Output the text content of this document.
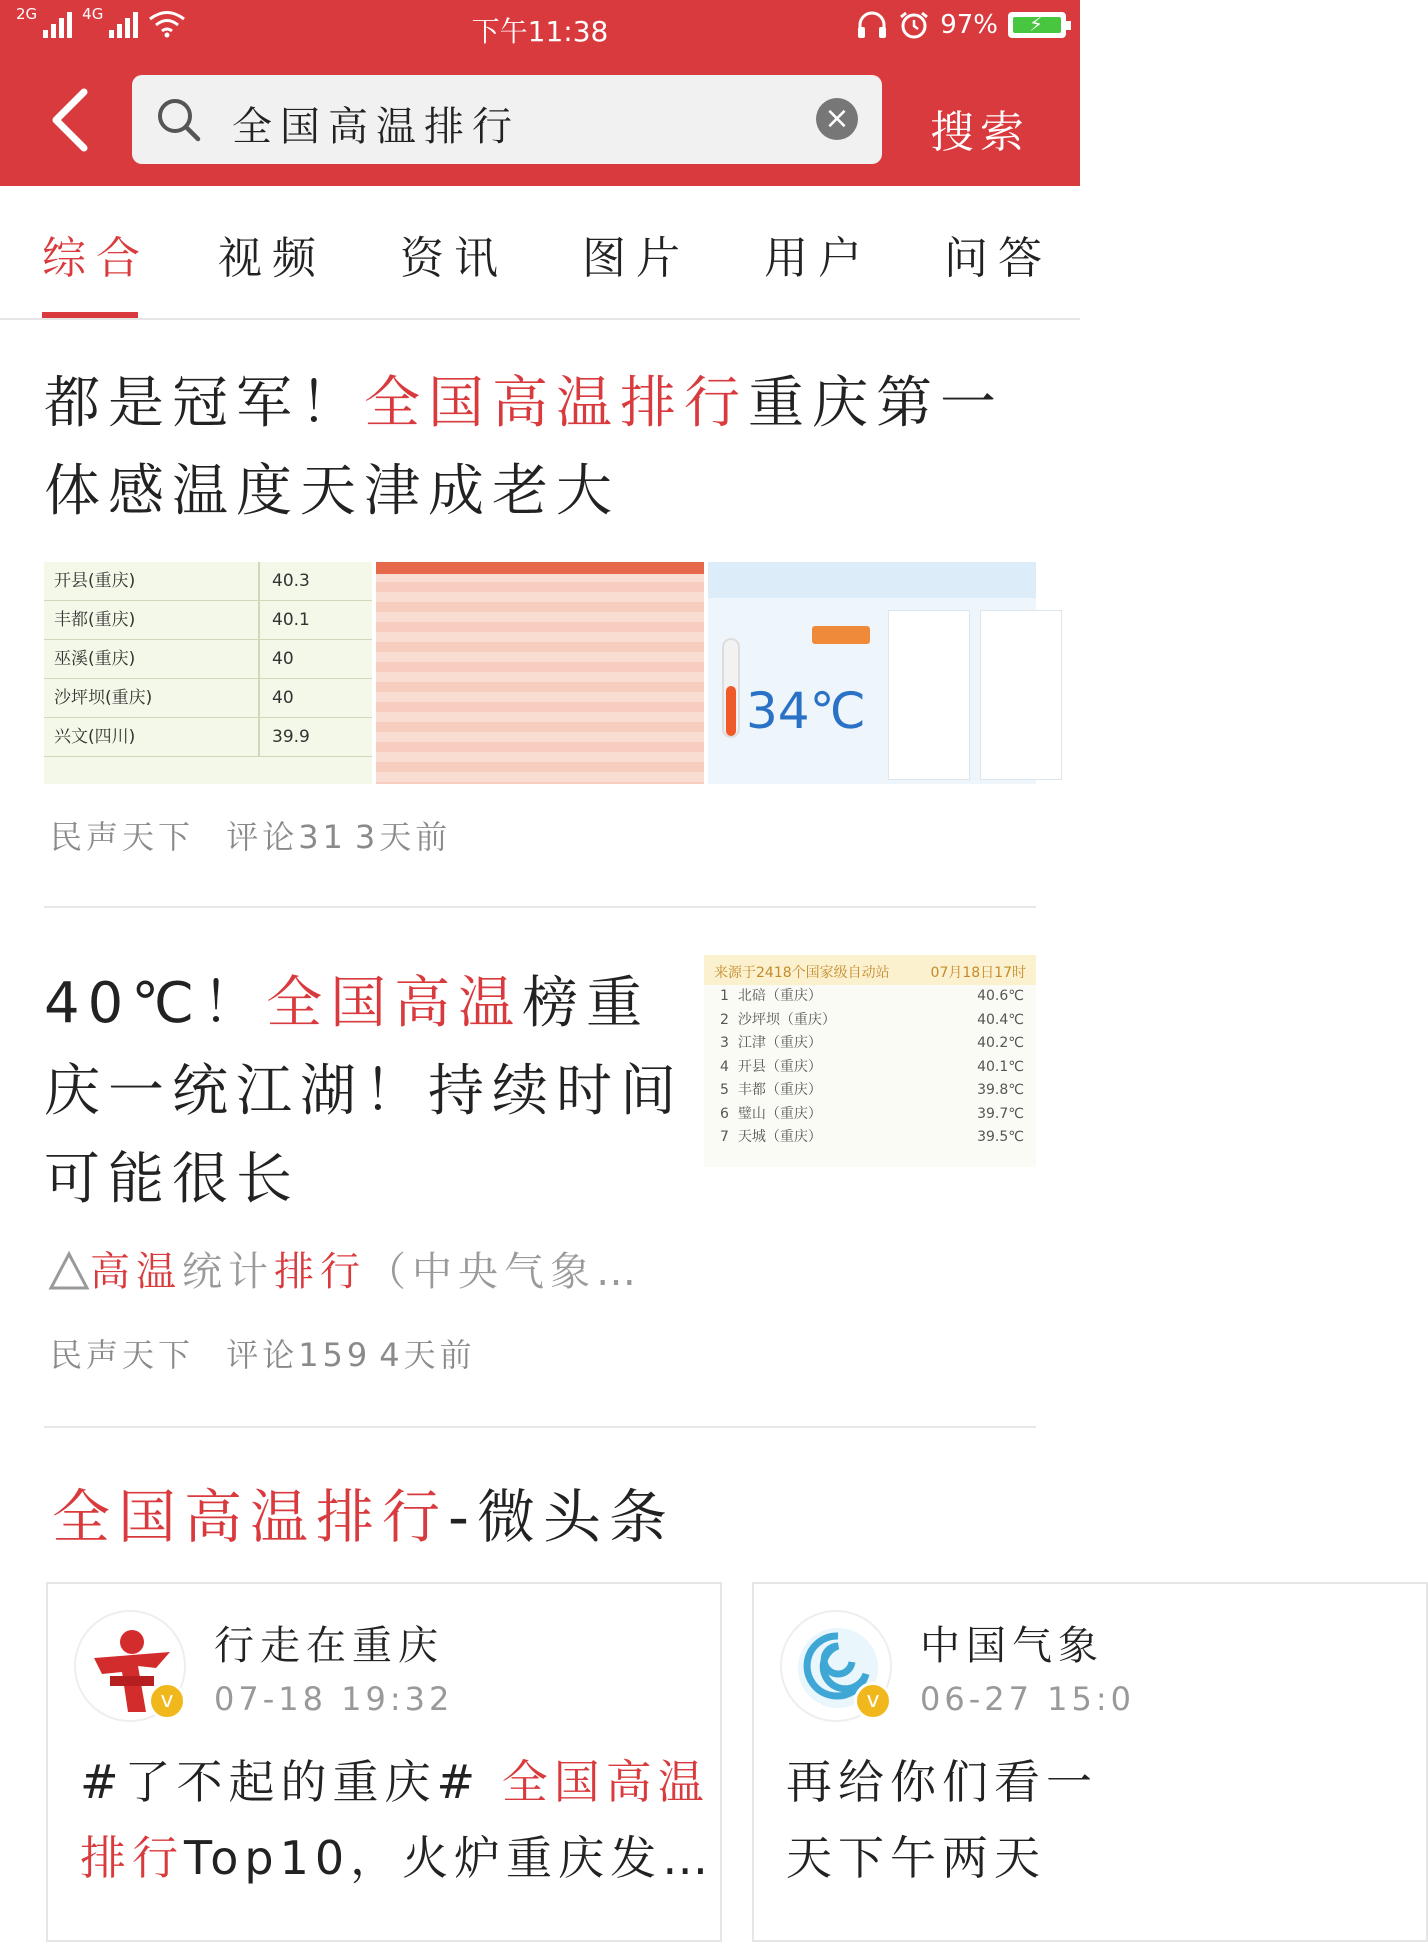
2G	4G
下午11:38	97% ⚡
全国高温排行	× 搜索
综合 视频 资讯 图片 用户 问答
都是冠军！全国高温排行重庆第一体感温度天津成老大
开县(重庆)	40.3
丰都(重庆)	40.1
巫溪(重庆)	40
沙坪坝(重庆)	40
兴文(四川)	39.9	34℃
民声天下 评论31 3天前
40℃！全国高温榜重庆一统江湖！持续时间可能很长
来源于2418个国家级自动站	07月18日17时
1 北碚（重庆）	40.6℃
2 沙坪坝（重庆）	40.4℃
3 江津（重庆）	40.2℃
4 开县（重庆）	40.1℃
5 丰都（重庆）	39.8℃
6 璧山（重庆）	39.7℃
7 天城（重庆）	39.5℃
高温统计排行（中央气象…
民声天下 评论159 4天前
全国高温排行-微头条
v
行走在重庆
07-18 19:32
#了不起的重庆# 全国高温排行Top10，火炉重庆发…
v
中国气象
06-27 15:0
再给你们看一
天下午两天
